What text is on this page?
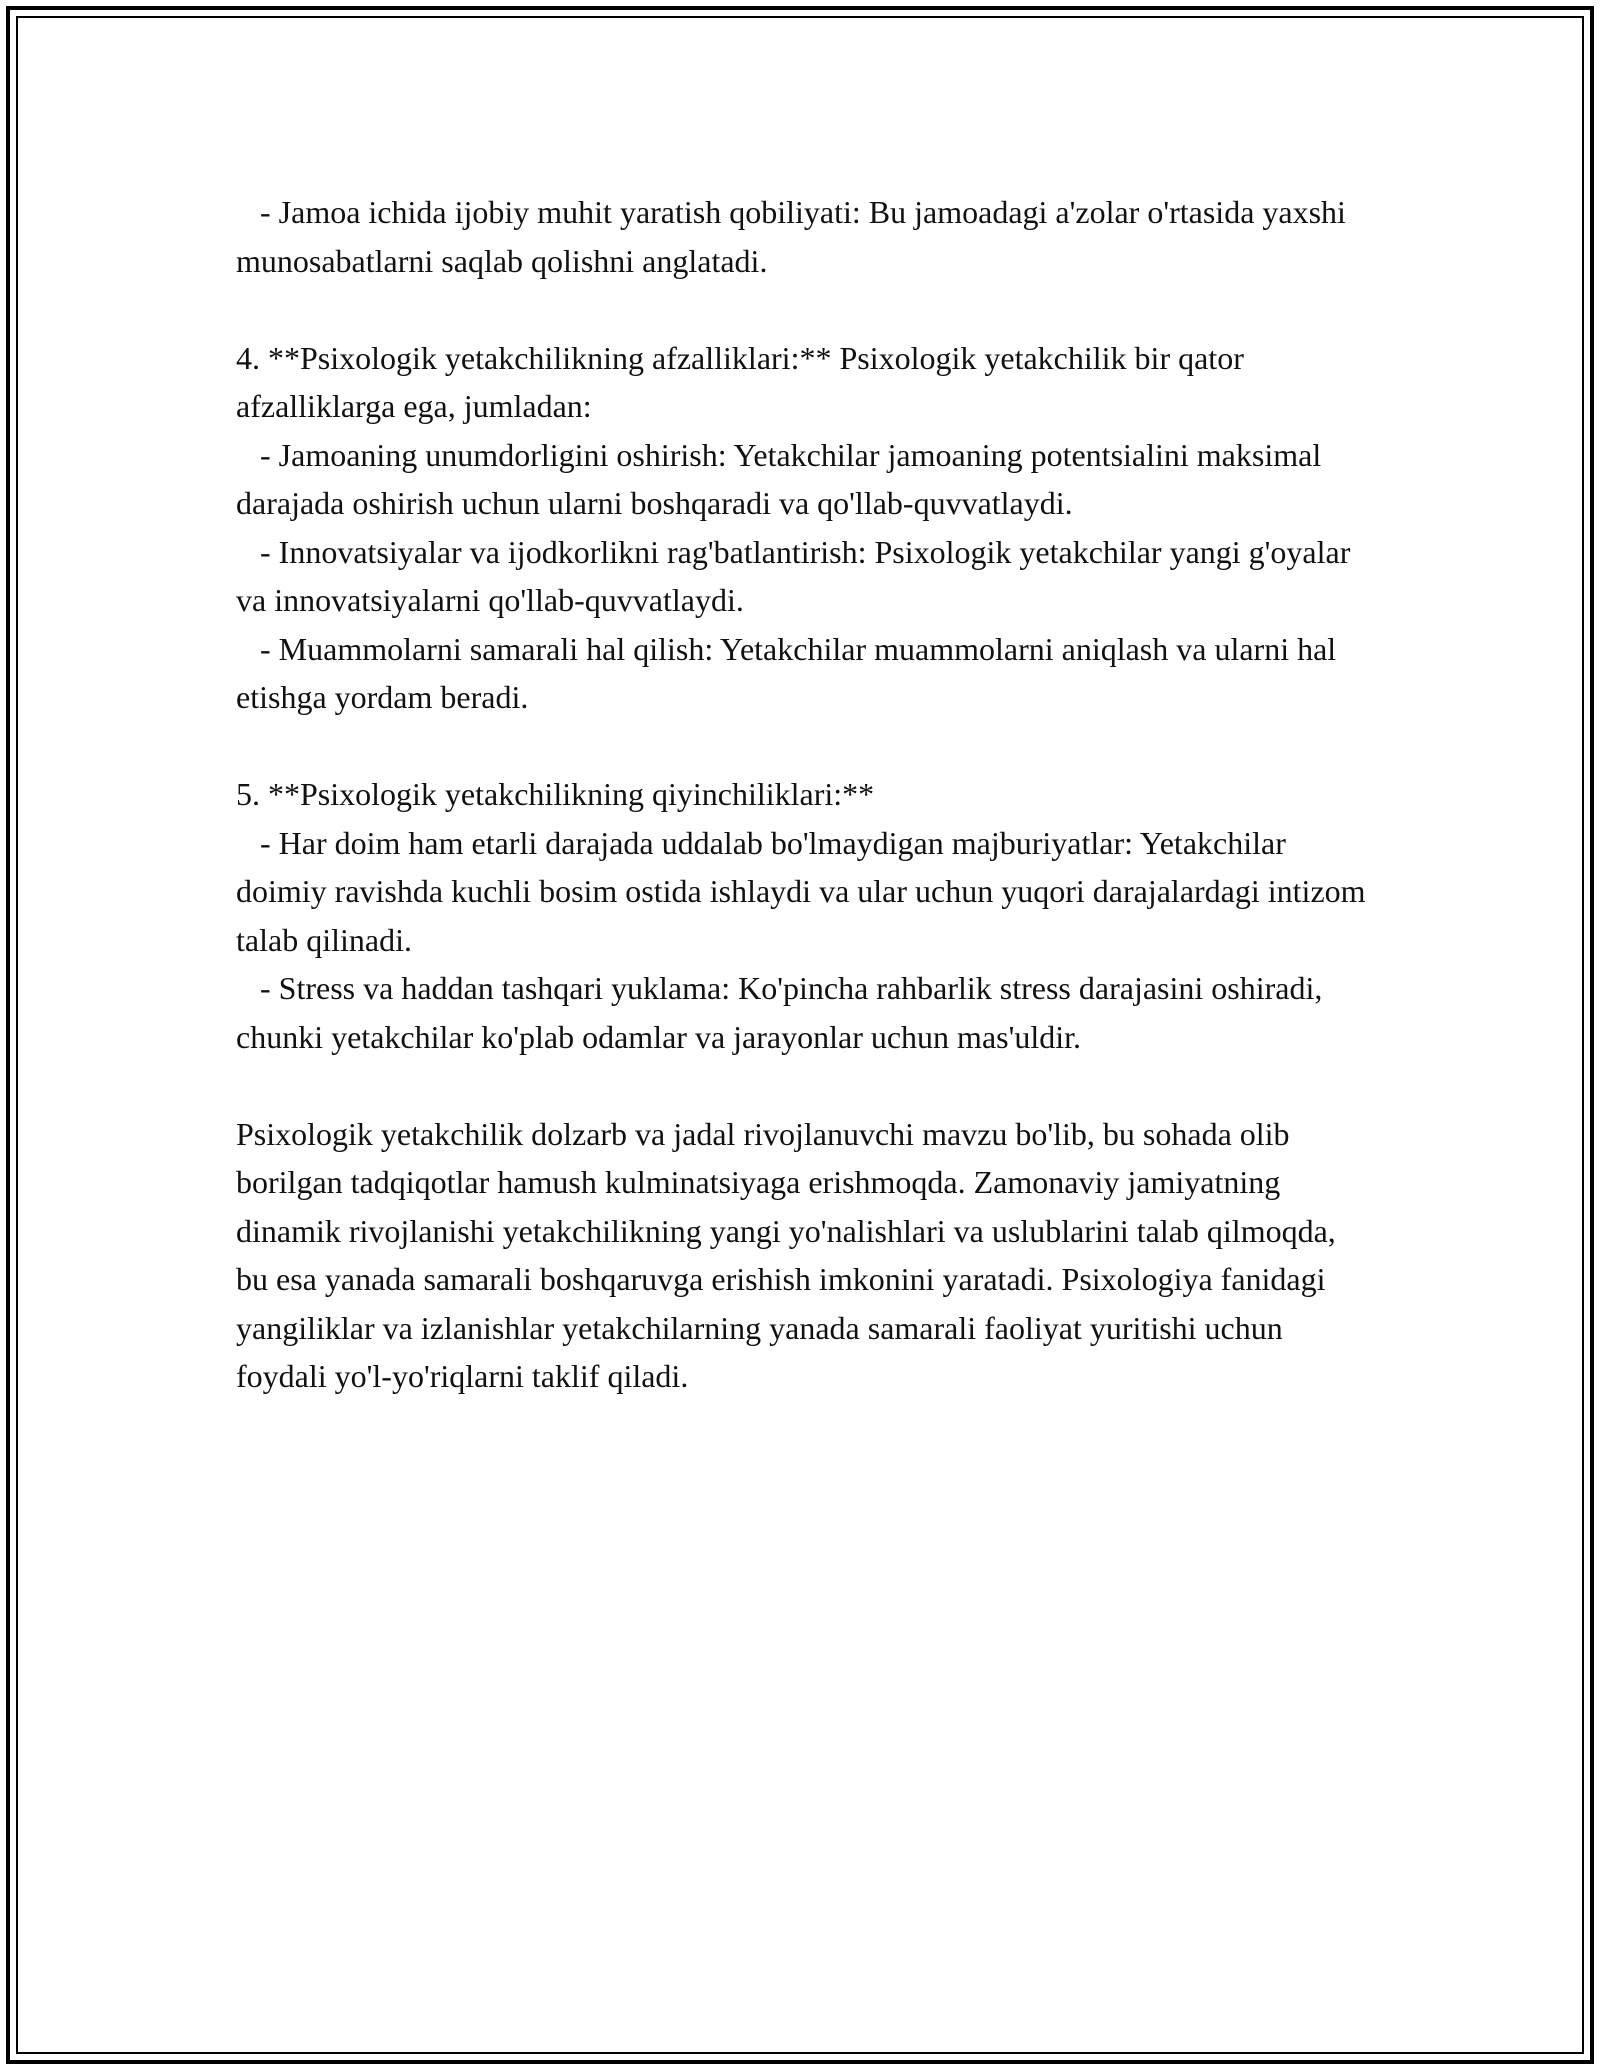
- Jamoa ichida ijobiy muhit yaratish qobiliyati: Bu jamoadagi a'zolar o'rtasida yaxshi munosabatlarni saqlab qolishni anglatadi.

4. **Psixologik yetakchilikning afzalliklari:** Psixologik yetakchilik bir qator afzalliklarga ega, jumladan:

- Jamoaning unumdorligini oshirish: Yetakchilar jamoaning potentsialini maksimal darajada oshirish uchun ularni boshqaradi va qo'llab-quvvatlaydi.

- Innovatsiyalar va ijodkorlikni rag'batlantirish: Psixologik yetakchilar yangi g'oyalar va innovatsiyalarni qo'llab-quvvatlaydi.

- Muammolarni samarali hal qilish: Yetakchilar muammolarni aniqlash va ularni hal etishga yordam beradi.

5. **Psixologik yetakchilikning qiyinchiliklari:**

- Har doim ham etarli darajada uddalab bo'lmaydigan majburiyatlar: Yetakchilar doimiy ravishda kuchli bosim ostida ishlaydi va ular uchun yuqori darajalardagi intizom talab qilinadi.

- Stress va haddan tashqari yuklama: Ko'pincha rahbarlik stress darajasini oshiradi, chunki yetakchilar ko'plab odamlar va jarayonlar uchun mas'uldir.

Psixologik yetakchilik dolzarb va jadal rivojlanuvchi mavzu bo'lib, bu sohada olib borilgan tadqiqotlar hamush kulminatsiyaga erishmoqda. Zamonaviy jamiyatning dinamik rivojlanishi yetakchilikning yangi yo'nalishlari va uslublarini talab qilmoqda, bu esa yanada samarali boshqaruvga erishish imkonini yaratadi. Psixologiya fanidagi yangiliklar va izlanishlar yetakchilarning yanada samarali faoliyat yuritishi uchun foydali yo'l-yo'riqlarni taklif qiladi.
